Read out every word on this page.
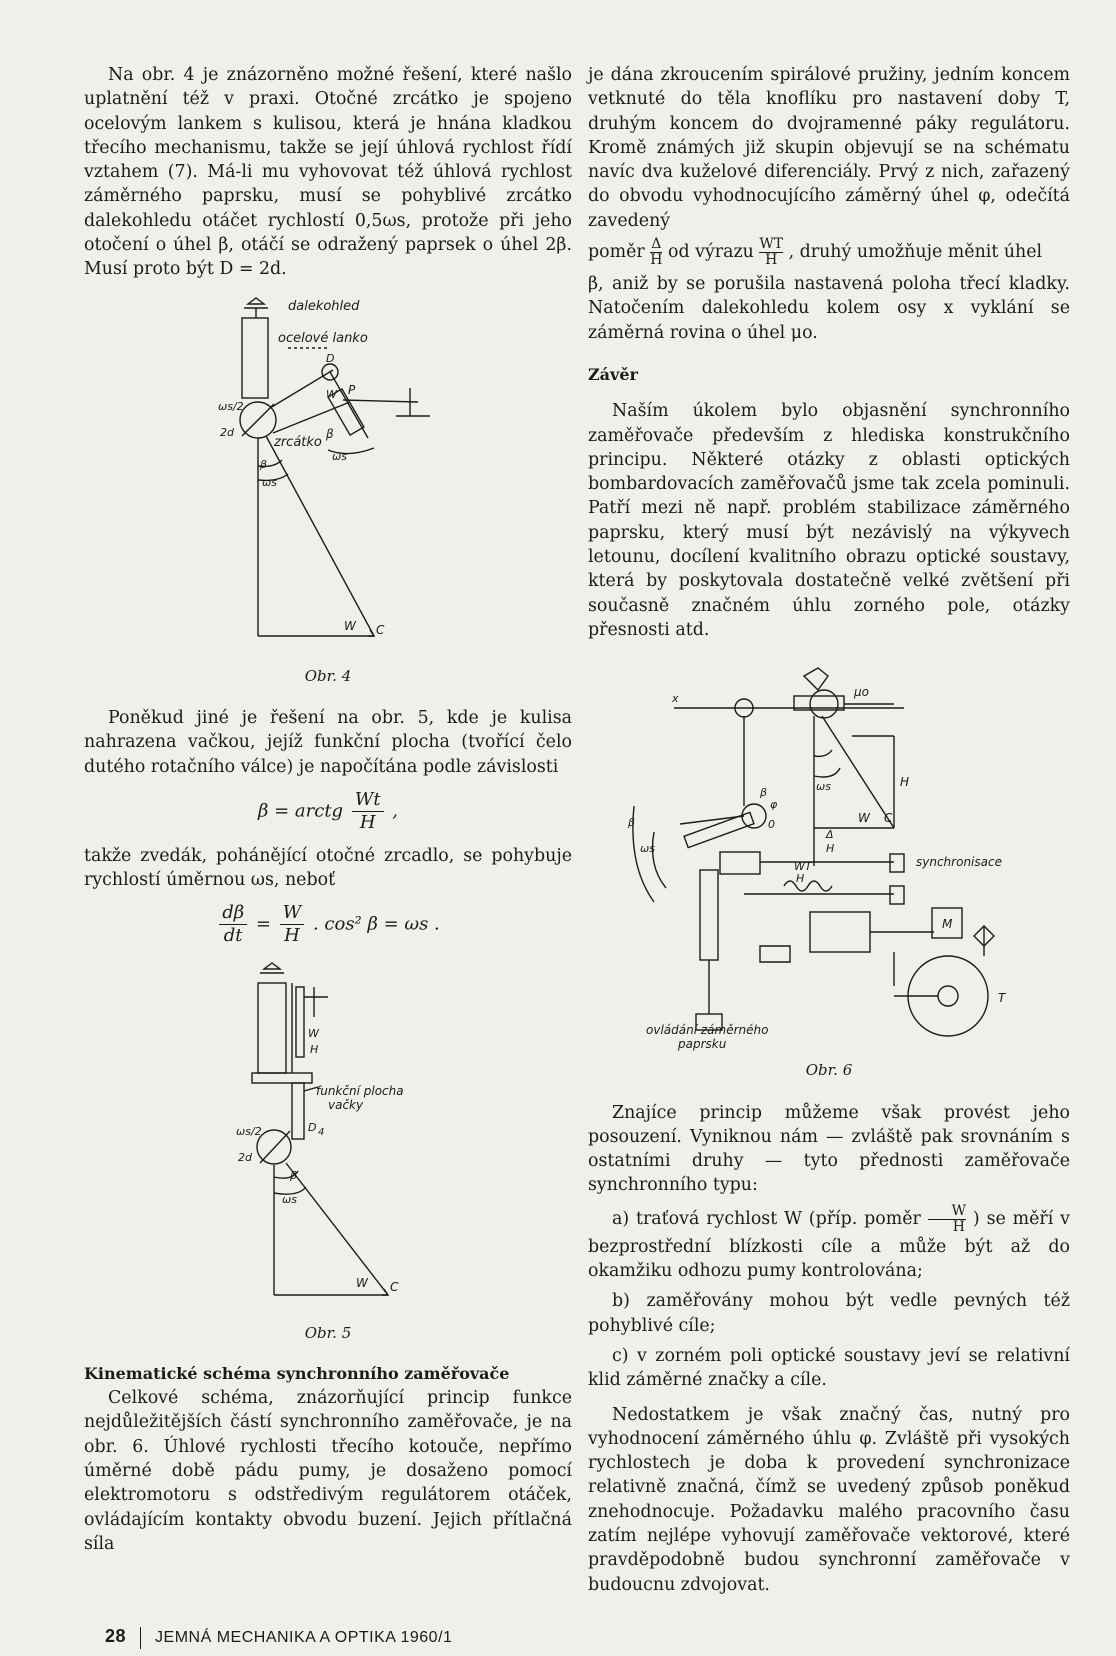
Na obr. 4 je znázorněno možné řešení, které našlo uplatnění též v praxi. Otočné zrcátko je spojeno ocelovým lankem s kulisou, která je hnána kladkou třecího mechanismu, takže se její úhlová rychlost řídí vztahem (7). Má-li mu vyhovovat též úhlová rychlost záměrného paprsku, musí se pohyblivé zrcátko dalekohledu otáčet rychlostí 0,5ωs, protože při jeho otočení o úhel β, otáčí se odražený paprsek o úhel 2β. Musí proto být D = 2d.

dalekohled
ocelové lanko
zrcátko
P
W
β
ωs
W C
ωs/2
2d
D
β
ωs
Obr. 4

Poněkud jiné je řešení na obr. 5, kde je kulisa nahrazena vačkou, jejíž funkční plocha (tvořící čelo dutého rotačního válce) je napočítána podle závislosti

β = arctg $\frac{Wt}{H}$ ,

takže zvedák, pohánějící otočné zrcadlo, se pohybuje rychlostí úměrnou ωs, neboť

$\frac{d\beta}{dt} = \frac{W}{H}$ . cos² β = ωs .
W
H
funkční plocha
vačky
D 4
ωs/2
2d
β
ωs
W C
Obr. 5

Kinematické schéma synchronního zaměřovače

Celkové schéma, znázorňující princip funkce nejdůležitějších částí synchronního zaměřovače, je na obr. 6. Úhlové rychlosti třecího kotouče, nepřímo úměrné době pádu pumy, je dosaženo pomocí elektromotoru s odstředivým regulátorem otáček, ovládajícím kontakty obvodu buzení. Jejich přítlačná síla

je dána zkroucením spirálové pružiny, jedním koncem vetknuté do těla knoflíku pro nastavení doby T, druhým koncem do dvojramenné páky regulátoru. Kromě známých již skupin objevují se na schématu navíc dva kuželové diferenciály. Prvý z nich, zařazený do obvodu vyhodnocujícího záměrný úhel φ, odečítá zavedený

poměr $\frac{\Delta}{H}$ od výrazu $\frac{WT}{H}$ , druhý umožňuje měnit úhel

β, aniž by se porušila nastavená poloha třecí kladky. Natočením dalekohledu kolem osy x vyklání se záměrná rovina o úhel μo.

Závěr

Naším úkolem bylo objasnění synchronního zaměřovače především z hlediska konstrukčního principu. Některé otázky z oblasti optických bombardovacích zaměřovačů jsme tak zcela pominuli. Patří mezi ně např. problém stabilizace záměrného paprsku, který musí být nezávislý na výkyvech letounu, docílení kvalitního obrazu optické soustavy, která by poskytovala dostatečně velké zvětšení při současně značném úhlu zorného pole, otázky přesnosti atd.

μo
x
H
β
φ
0
ωs
W C
β
ωs
Δ
H
WT
H
synchronisace
M
T
ovládání záměrného
paprsku
Obr. 6

Znajíce princip můžeme však provést jeho posouzení. Vyniknou nám — zvláště pak srovnáním s ostatními druhy — tyto přednosti zaměřovače synchronního typu:

a) traťová rychlost W (příp. poměr $\frac{W}{H}$ ) se měří v bezprostřední blízkosti cíle a může být až do okamžiku odhozu pumy kontrolována;

b) zaměřovány mohou být vedle pevných též pohyblivé cíle;

c) v zorném poli optické soustavy jeví se relativní klid záměrné značky a cíle.

Nedostatkem je však značný čas, nutný pro vyhodnocení záměrného úhlu φ. Zvláště při vysokých rychlostech je doba k provedení synchronizace relativně značná, čímž se uvedený způsob poněkud znehodnocuje. Požadavku malého pracovního času zatím nejlépe vyhovují zaměřovače vektorové, které pravděpodobně budou synchronní zaměřovače v budoucnu zdvojovat.

28 JEMNÁ MECHANIKA A OPTIKA 1960/1
